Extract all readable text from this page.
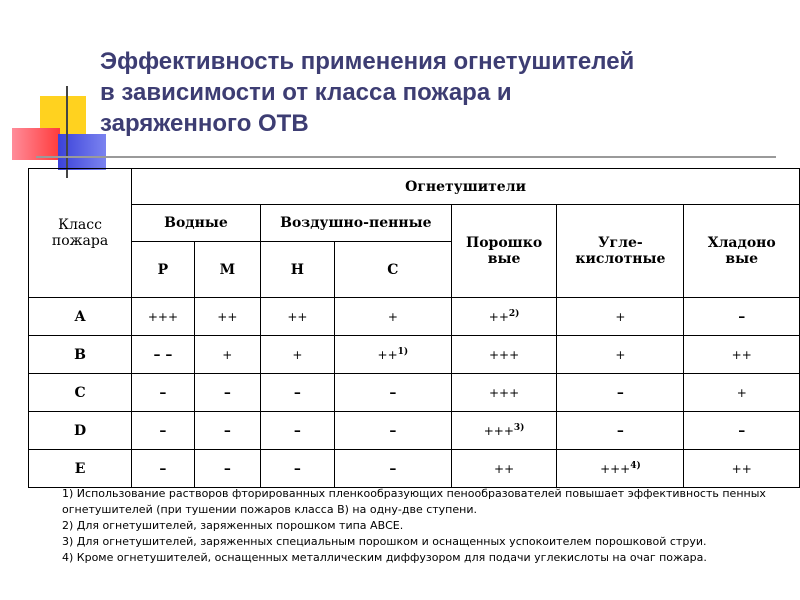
Эффективность применения огнетушителей
в зависимости от класса пожара и
заряженного ОТВ
Класс пожара	Огнетушители						
	Водные		Воздушно-пенные		Порошко вые	Угле-кислотные	Хладоно вые
	Р	М	Н	С			
A	+++	++	++	+	++$^{2)}$	+	–
B	– –	+	+	++$^{1)}$	+++	+	++
C	–	–	–	–	+++	–	+
D	–	–	–	–	+++$^{3)}$	–	–
E	–	–	–	–	++	+++$^{4)}$	++

1) Использование растворов фторированных пленкообразующих пенообразователей повышает эффективность пенных огнетушителей (при тушении пожаров класса В) на одну-две ступени.

2) Для огнетушителей, заряженных порошком типа АВСЕ.

3) Для огнетушителей, заряженных специальным порошком и оснащенных успокоителем порошковой струи.

4) Кроме огнетушителей, оснащенных металлическим диффузором для подачи углекислоты на очаг пожара.
